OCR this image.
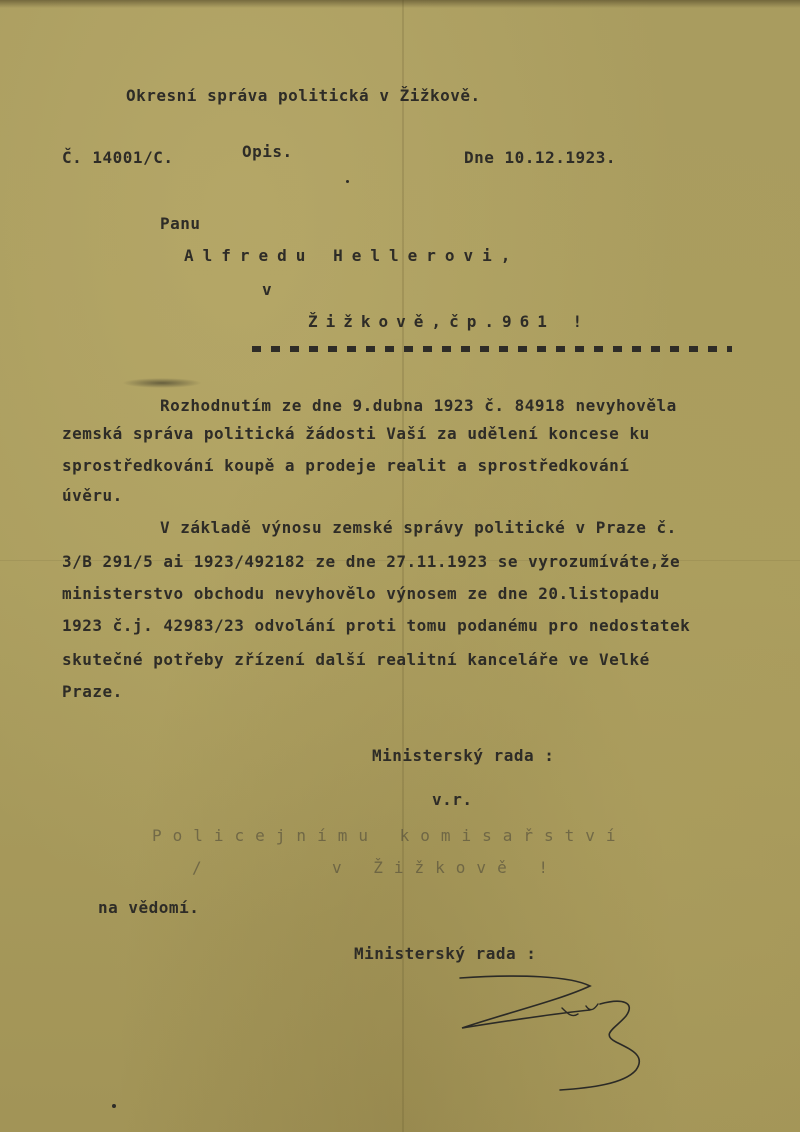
Okresní správa politická v Žižkově.
Č. 14001/C.	Opis.	Dne 10.12.1923.
Panu
Alfredu Hellerovi,
v
Žižkově,čp.961 !
Rozhodnutím ze dne 9.dubna 1923 č. 84918 nevyhověla
zemská správa politická žádosti Vaší za udělení koncese ku
sprostředkování koupě a prodeje realit a sprostředkování
úvěru.
V základě výnosu zemské správy politické v Praze č.
3/B 291/5 ai 1923/492182 ze dne 27.11.1923 se vyrozumíváte,že
ministerstvo obchodu nevyhovělo výnosem ze dne 20.listopadu
1923 č.j. 42983/23 odvolání proti tomu podanému pro nedostatek
skutečné potřeby zřízení další realitní kanceláře ve Velké
Praze.
Ministerský rada :
v.r.
Policejnímu komisařství
/	v Žižkově !
na vědomí.
Ministerský rada :
